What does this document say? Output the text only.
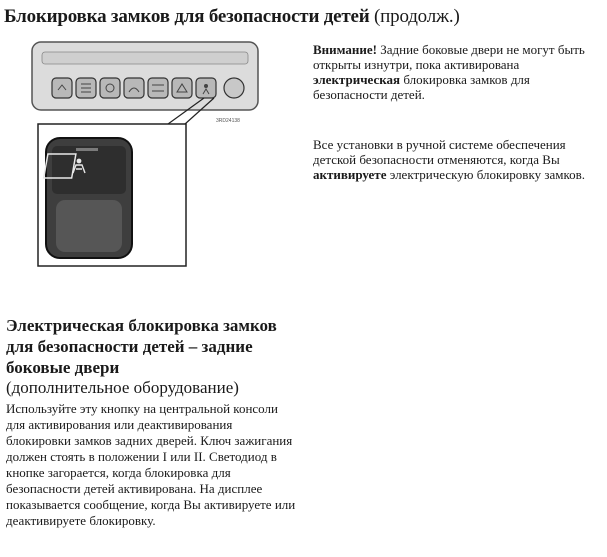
Блокировка замков для безопасности детей (продолж.)
3RD24138

Внимание! Задние боковые двери не могут быть открыты изнутри, пока активирована электрическая блокировка замков для безопасности детей.

Все установки в ручной системе обеспечения детской безопасности отменяются, когда Вы активируете электрическую блокировку замков.

Электрическая блокировка замков для безопасности детей – задние боковые двери
(дополнительное оборудование)
Используйте эту кнопку на центральной консоли для активирования или деактивирования блокировки замков задних дверей. Ключ зажигания должен стоять в положении I или II. Светодиод в кнопке загорается, когда блокировка для безопасности детей активирована. На дисплее показывается сообщение, когда Вы активируете или деактивируете блокировку.
